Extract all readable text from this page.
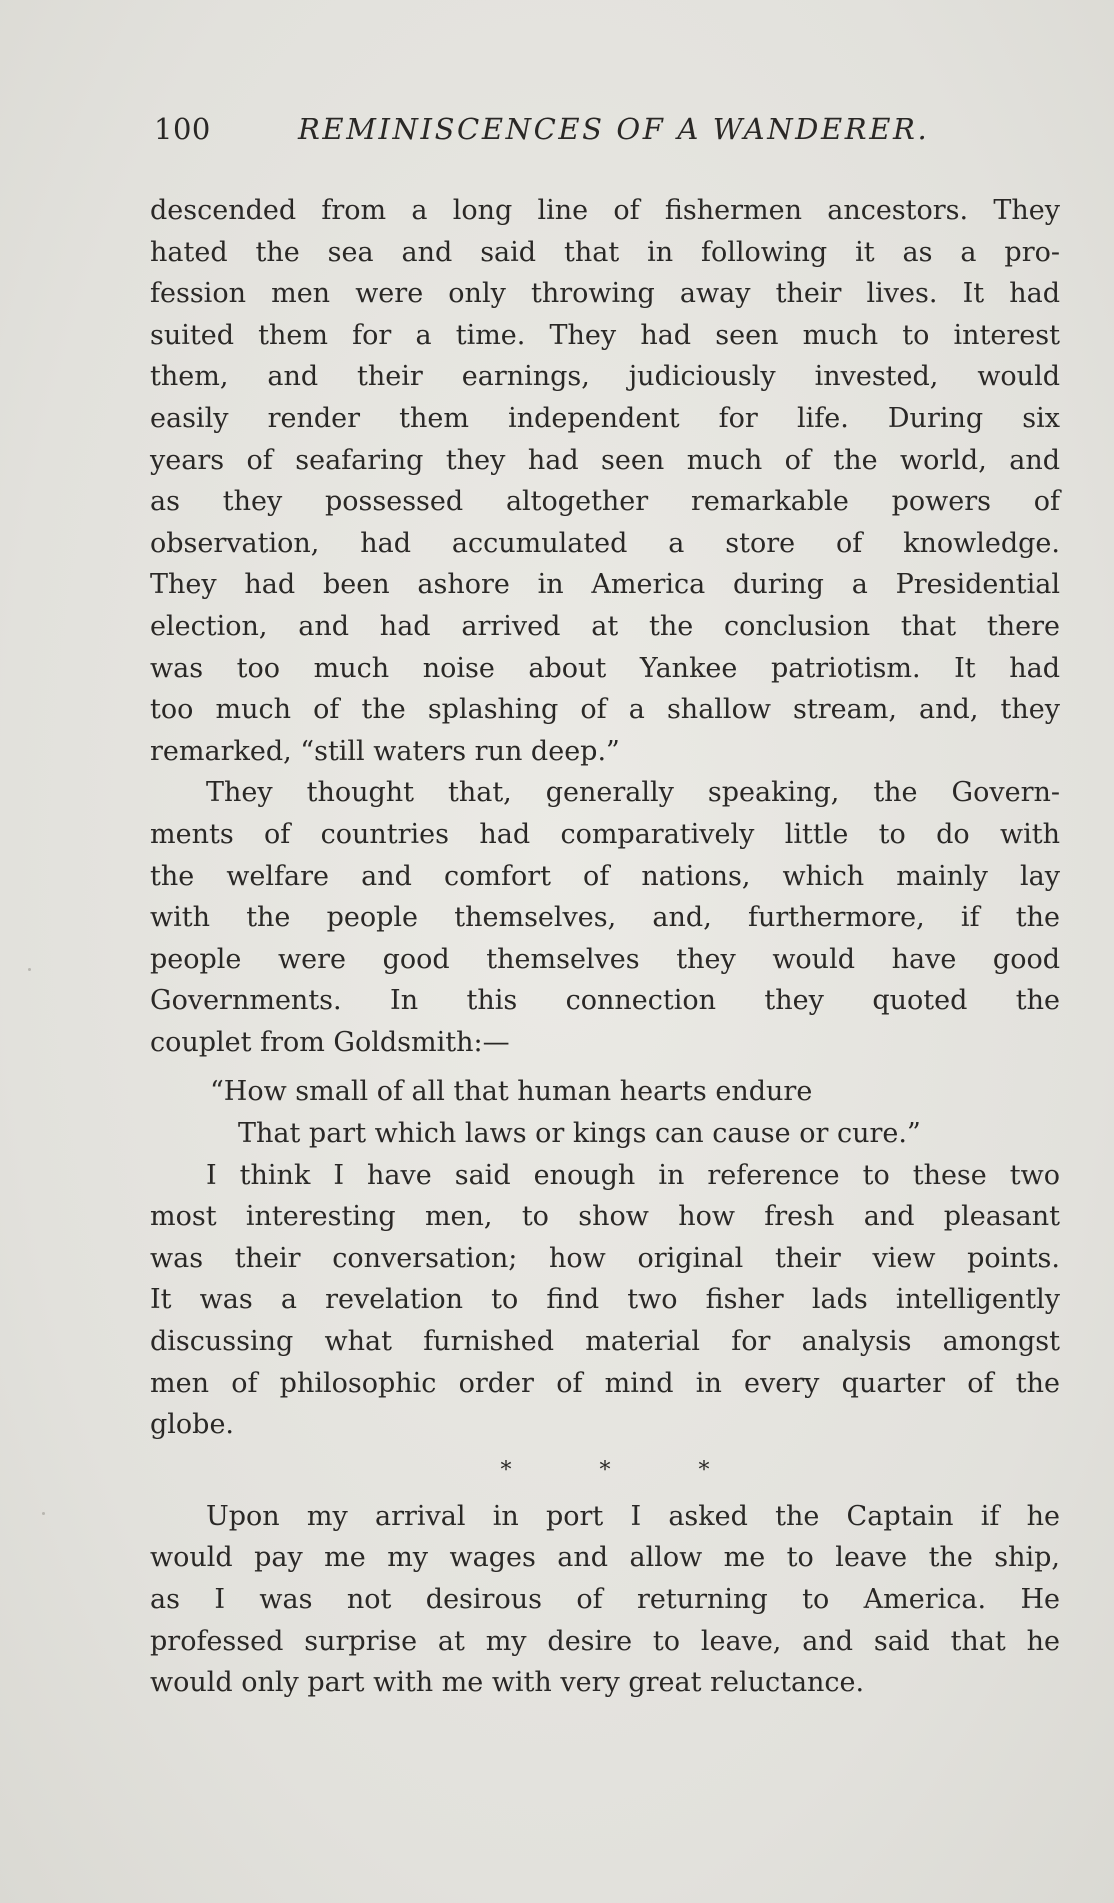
100	REMINISCENCES OF A WANDERER.
descended from a long line of fishermen ancestors. They
hated the sea and said that in following it as a pro-
fession men were only throwing away their lives. It had
suited them for a time. They had seen much to interest
them, and their earnings, judiciously invested, would
easily render them independent for life. During six
years of seafaring they had seen much of the world, and
as they possessed altogether remarkable powers of
observation, had accumulated a store of knowledge.
They had been ashore in America during a Presidential
election, and had arrived at the conclusion that there
was too much noise about Yankee patriotism. It had
too much of the splashing of a shallow stream, and, they
remarked, “still waters run deep.”
They thought that, generally speaking, the Govern-
ments of countries had comparatively little to do with
the welfare and comfort of nations, which mainly lay
with the people themselves, and, furthermore, if the
people were good themselves they would have good
Governments. In this connection they quoted the
couplet from Goldsmith:—
“How small of all that human hearts endure
That part which laws or kings can cause or cure.”
I think I have said enough in reference to these two
most interesting men, to show how fresh and pleasant
was their conversation; how original their view points.
It was a revelation to find two fisher lads intelligently
discussing what furnished material for analysis amongst
men of philosophic order of mind in every quarter of the
globe.
*	*	*
Upon my arrival in port I asked the Captain if he
would pay me my wages and allow me to leave the ship,
as I was not desirous of returning to America. He
professed surprise at my desire to leave, and said that he
would only part with me with very great reluctance.
